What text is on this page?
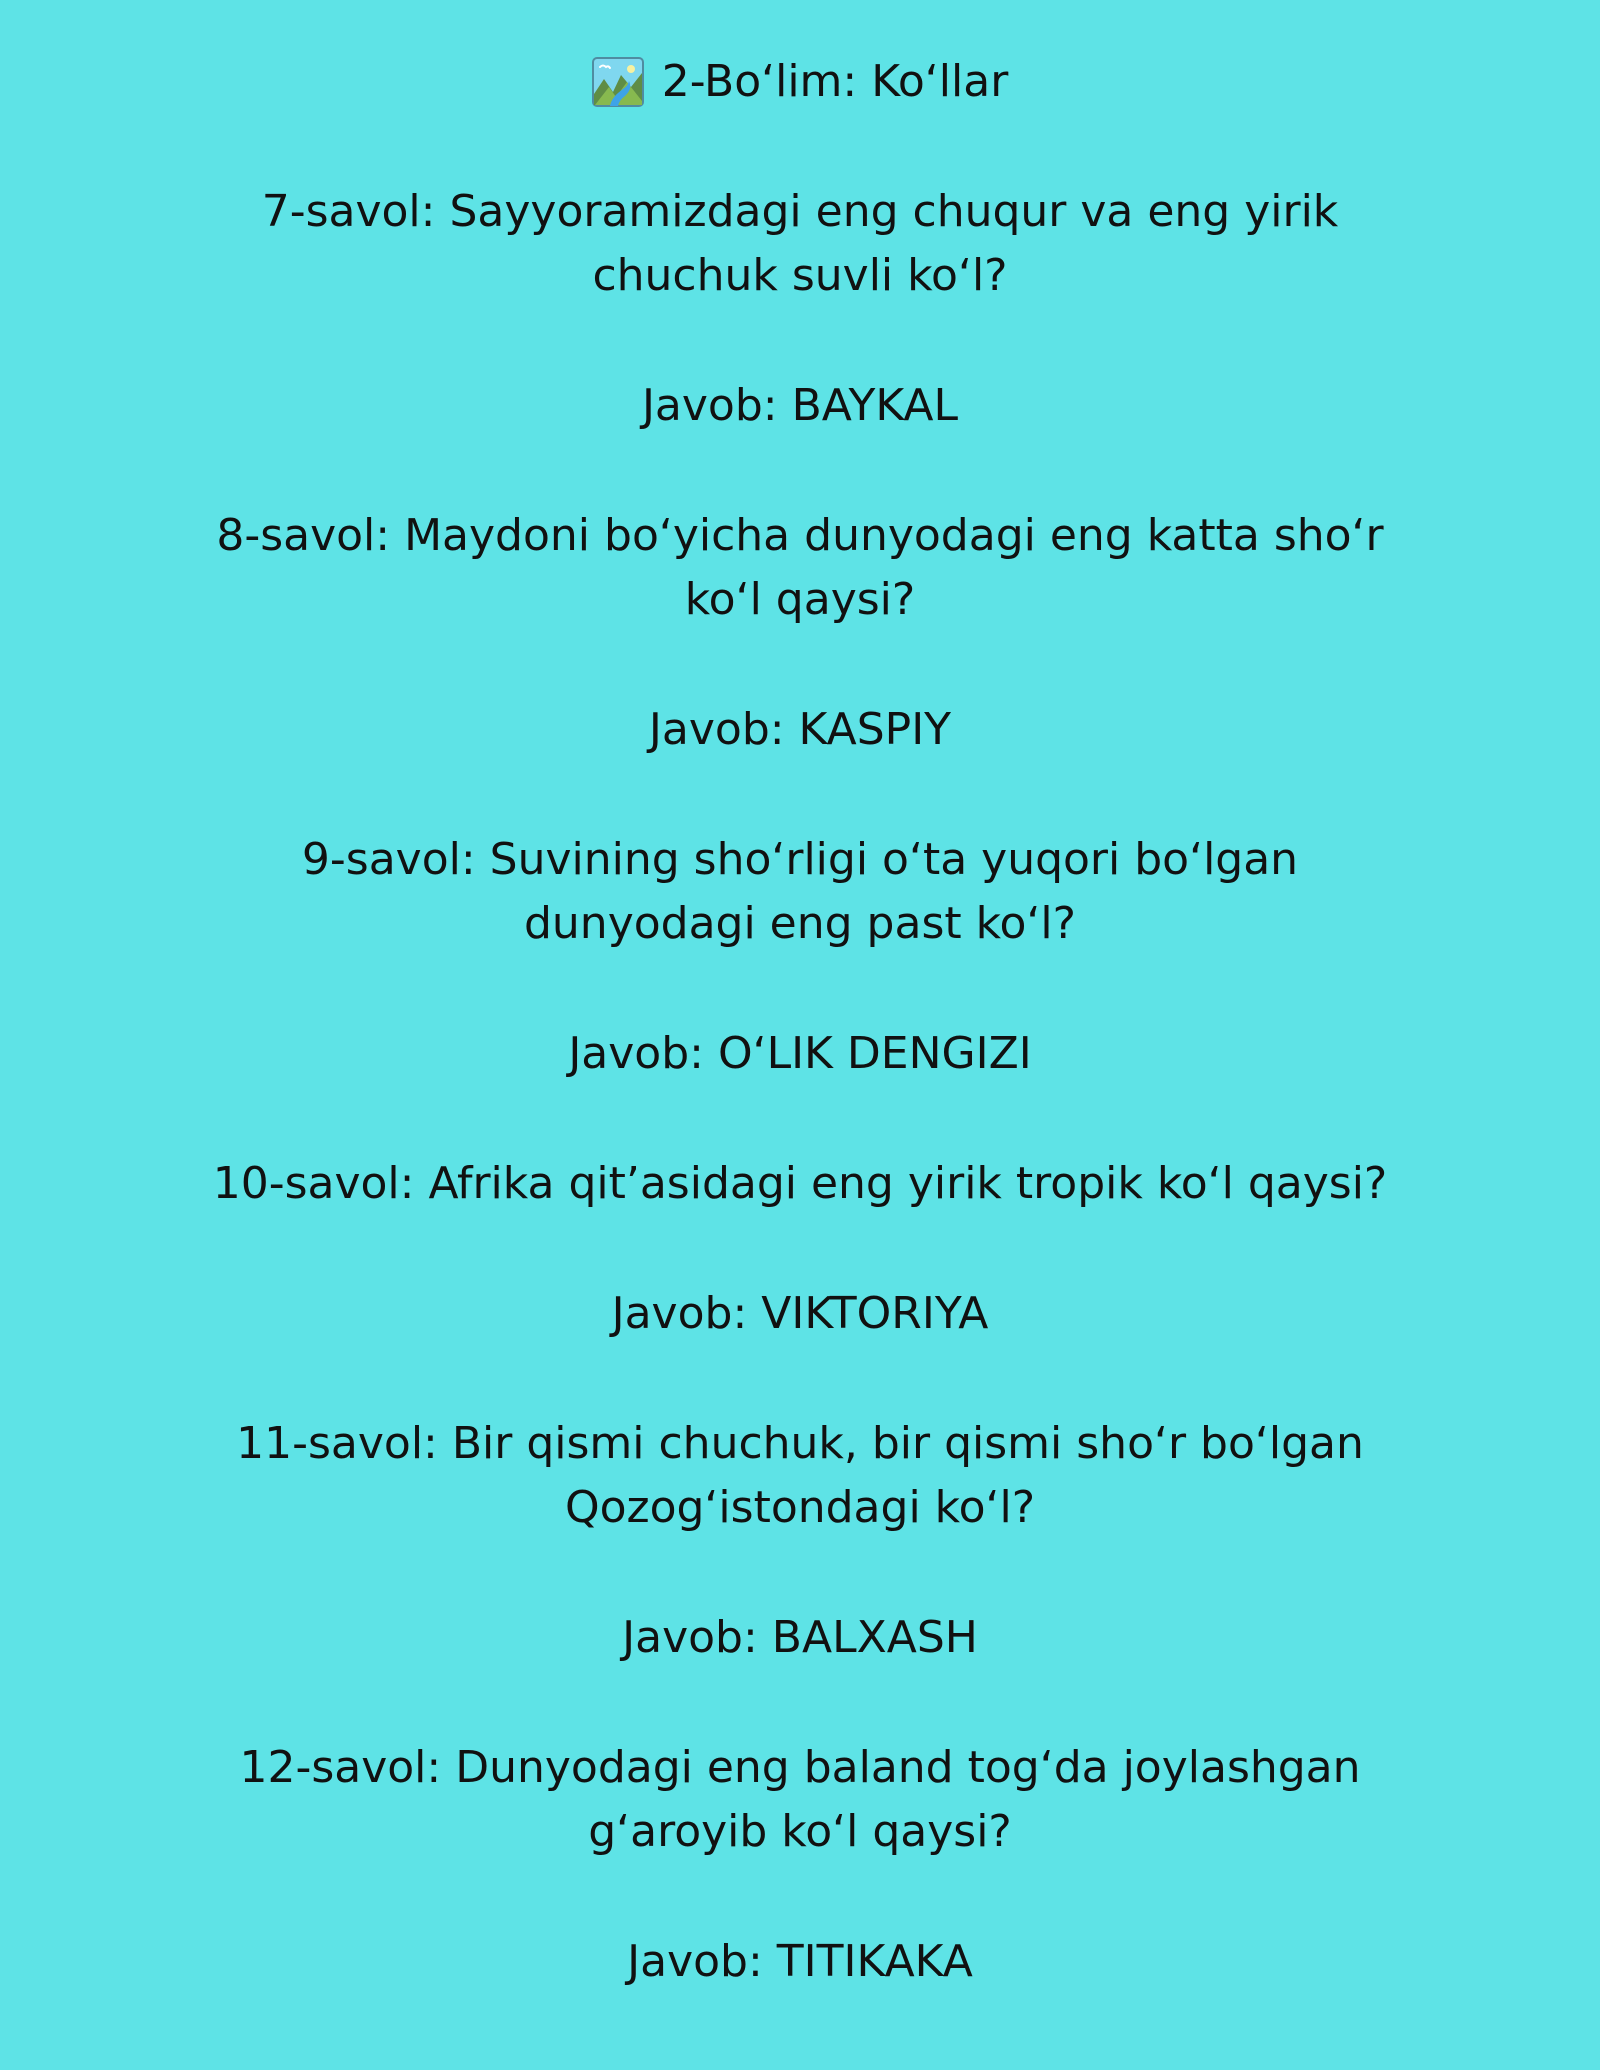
2-Bo‘lim: Ko‘llar
7-savol: Sayyoramizdagi eng chuqur va eng yirik
chuchuk suvli ko‘l?
Javob: BAYKAL
8-savol: Maydoni bo‘yicha dunyodagi eng katta sho‘r
ko‘l qaysi?
Javob: KASPIY
9-savol: Suvining sho‘rligi o‘ta yuqori bo‘lgan
dunyodagi eng past ko‘l?
Javob: O‘LIK DENGIZI
10-savol: Afrika qit’asidagi eng yirik tropik ko‘l qaysi?
Javob: VIKTORIYA
11-savol: Bir qismi chuchuk, bir qismi sho‘r bo‘lgan
Qozog‘istondagi ko‘l?
Javob: BALXASH
12-savol: Dunyodagi eng baland tog‘da joylashgan
g‘aroyib ko‘l qaysi?
Javob: TITIKAKA
